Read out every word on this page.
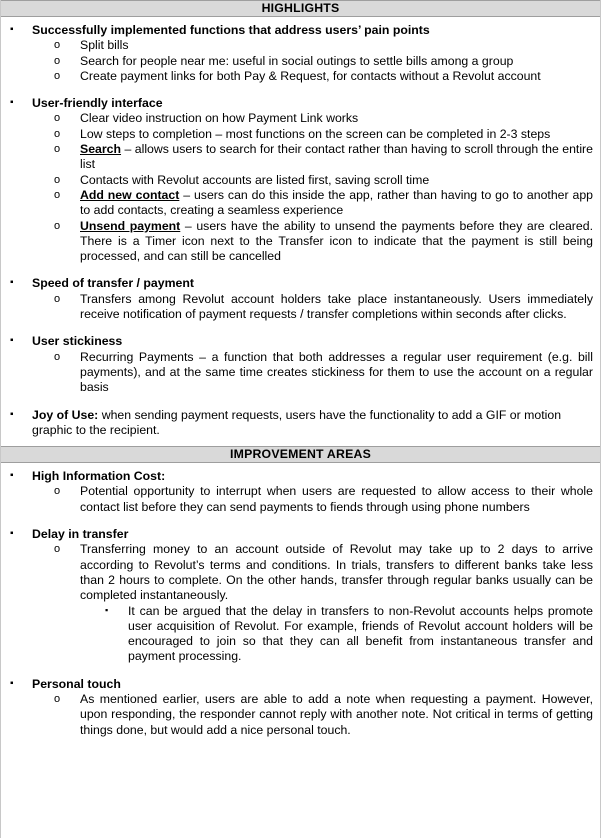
HIGHLIGHTS
▪ Successfully implemented functions that address users’ pain points
o Split bills
o Search for people near me: useful in social outings to settle bills among a group
o Create payment links for both Pay & Request, for contacts without a Revolut account
▪ User-friendly interface
o Clear video instruction on how Payment Link works
o Low steps to completion – most functions on the screen can be completed in 2-3 steps
o Search – allows users to search for their contact rather than having to scroll through the entire list
o Contacts with Revolut accounts are listed first, saving scroll time
o Add new contact – users can do this inside the app, rather than having to go to another app to add contacts, creating a seamless experience
o Unsend payment – users have the ability to unsend the payments before they are cleared. There is a Timer icon next to the Transfer icon to indicate that the payment is still being processed, and can still be cancelled
▪ Speed of transfer / payment
o Transfers among Revolut account holders take place instantaneously. Users immediately receive notification of payment requests / transfer completions within seconds after clicks.
▪ User stickiness
o Recurring Payments – a function that both addresses a regular user requirement (e.g. bill payments), and at the same time creates stickiness for them to use the account on a regular basis
▪ Joy of Use: when sending payment requests, users have the functionality to add a GIF or motion graphic to the recipient.
IMPROVEMENT AREAS
▪ High Information Cost:
o Potential opportunity to interrupt when users are requested to allow access to their whole contact list before they can send payments to fiends through using phone numbers
▪ Delay in transfer
o Transferring money to an account outside of Revolut may take up to 2 days to arrive according to Revolut’s terms and conditions. In trials, transfers to different banks take less than 2 hours to complete. On the other hands, transfer through regular banks usually can be completed instantaneously.
▪ It can be argued that the delay in transfers to non-Revolut accounts helps promote user acquisition of Revolut. For example, friends of Revolut account holders will be encouraged to join so that they can all benefit from instantaneous transfer and payment processing.
▪ Personal touch
o As mentioned earlier, users are able to add a note when requesting a payment. However, upon responding, the responder cannot reply with another note. Not critical in terms of getting things done, but would add a nice personal touch.
